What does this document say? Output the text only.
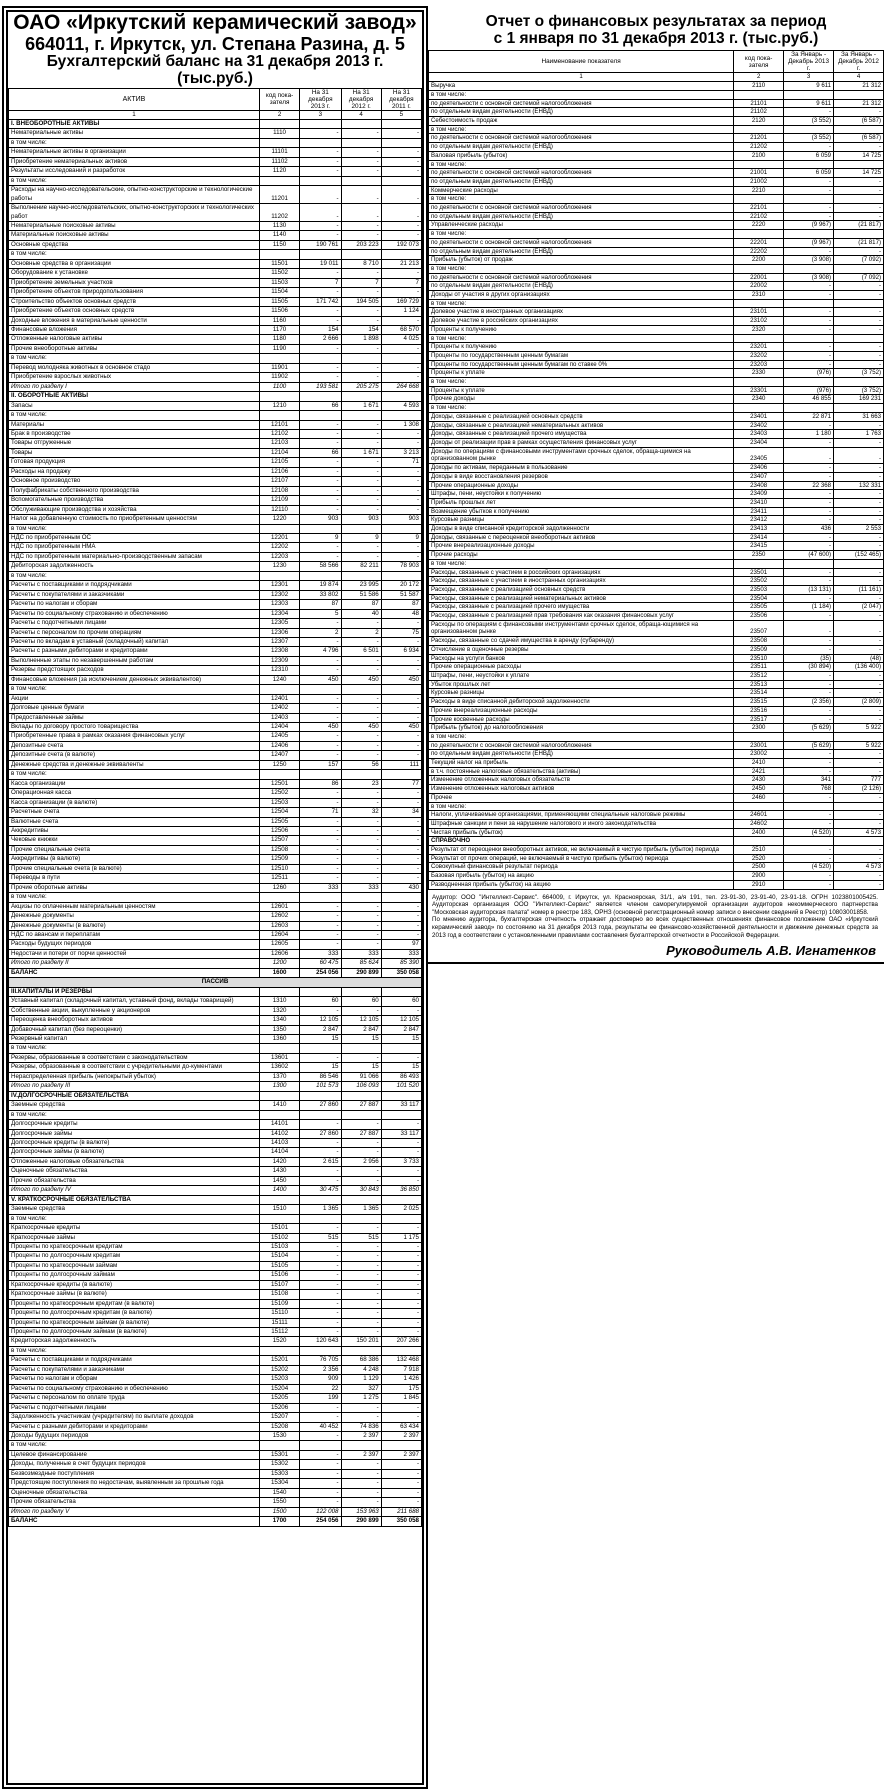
ОАО «Иркутский керамический завод»
664011, г. Иркутск, ул. Степана Разина, д. 5
Бухгалтерский баланс на 31 декабря 2013 г. (тыс.руб.)
АКТИВ	код пока-зателя	На 31 декабря 2013 г.	На 31 декабря 2012 г.	На 31 декабря 2011 г.
1	2	3	4	5
I. ВНЕОБОРОТНЫЕ АКТИВЫ				
Нематериальные активы	1110	-	-	-
в том числе:				
Нематериальные активы в организации	11101	-	-	-
Приобретение нематериальных активов	11102	-	-	-
Результаты исследований и разработок	1120	-	-	-
в том числе:				
Расходы на научно-исследовательские, опытно-конструкторские и технологические работы	11201	-	-	-
Выполнение научно-исследовательских, опытно-конструкторских и технологических работ	11202	-	-	-
Нематериальные поисковые активы	1130	-	-	-
Материальные поисковые активы	1140	-	-	-
Основные средства	1150	190 761	203 223	192 073
в том числе:				
Основные средства в организации	11501	19 011	8 710	21 213
Оборудование к установке	11502	-	-	-
Приобретение земельных участков	11503	7	7	7
Приобретение объектов природопользования	11504	-	-	-
Строительство объектов основных средств	11505	171 742	194 505	169 729
Приобретение объектов основных средств	11506	-	-	1 124
Доходные вложения в материальные ценности	1160	-	-	-
Финансовые вложения	1170	154	154	68 570
Отложенные налоговые активы	1180	2 666	1 898	4 025
Прочие внеоборотные активы	1190	-	-	-
в том числе:				
Перевод молодняка животных в основное стадо	11901	-	-	-
Приобретение взрослых животных	11902	-	-	-
Итого по разделу I	1100	193 581	205 275	264 668
II. ОБОРОТНЫЕ АКТИВЫ				
Запасы	1210	66	1 671	4 593
в том числе:				
Материалы	12101	-	-	1 308
Брак в производстве	12102	-	-	-
Товары отгруженные	12103	-	-	-
Товары	12104	66	1 671	3 213
Готовая продукция	12105	-	-	71
Расходы на продажу	12106	-	-	-
Основное производство	12107	-	-	-
Полуфабрикаты собственного производства	12108	-	-	-
Вспомогательные производства	12109	-	-	-
Обслуживающие производства и хозяйства	12110	-	-	-
Налог на добавленную стоимость по приобретенным ценностям	1220	903	903	903
в том числе:				
НДС по приобретенным ОС	12201	9	9	9
НДС по приобретенным НМА	12202	-	-	-
НДС по приобретенным материально-производственным запасам	12203	-	-	-
Дебиторская задолженность	1230	58 566	82 211	78 903
в том числе:				
Расчеты с поставщиками и подрядчиками	12301	19 874	23 995	20 172
Расчеты с покупателями и заказчиками	12302	33 802	51 586	51 587
Расчеты по налогам и сборам	12303	87	87	87
Расчеты по социальному страхованию и обеспечению	12304	5	40	48
Расчеты с подотчетными лицами	12305	-	-	-
Расчеты с персоналом по прочим операциям	12306	2	2	75
Расчеты по вкладам в уставный (складочный) капитал	12307	-	-	-
Расчеты с разными дебиторами и кредиторами	12308	4 796	6 501	6 934
Выполненные этапы по незавершенным работам	12309	-	-	-
Резервы предстоящих расходов	12310	-	-	-
Финансовые вложения (за исключением денежных эквивалентов)	1240	450	450	450
в том числе:				
Акции	12401	-	-	-
Долговые ценные бумаги	12402	-	-	-
Предоставленные займы	12403	-	-	-
Вклады по договору простого товарищества	12404	450	450	450
Приобретенные права в рамках оказания финансовых услуг	12405	-	-	-
Депозитные счета	12406	-	-	-
Депозитные счета (в валюте)	12407	-	-	-
Денежные средства и денежные эквиваленты	1250	157	56	111
в том числе:				
Касса организации	12501	86	23	77
Операционная касса	12502	-	-	-
Касса организации (в валюте)	12503	-	-	-
Расчетные счета	12504	71	32	34
Валютные счета	12505	-	-	-
Аккредитивы	12506	-	-	-
Чековые книжки	12507	-	-	-
Прочие специальные счета	12508	-	-	-
Аккредитивы (в валюте)	12509	-	-	-
Прочие специальные счета (в валюте)	12510	-	-	-
Переводы в пути	12511	-	-	-
Прочие оборотные активы	1260	333	333	430
в том числе:				
Акцизы по оплаченным материальным ценностям	12601	-	-	-
Денежные документы	12602	-	-	-
Денежные документы (в валюте)	12603	-	-	-
НДС по авансам и переплатам	12604	-	-	-
Расходы будущих периодов	12605	-	-	97
Недостачи и потери от порчи ценностей	12606	333	333	333
Итого по разделу II	1200	60 475	85 624	85 390
БАЛАНС	1600	254 056	290 899	350 058
ПАССИВ				
III.КАПИТАЛЫ И РЕЗЕРВЫ				
Уставный капитал (складочный капитал, уставный фонд, вклады товарищей)	1310	60	60	60
Собственные акции, выкупленные у акционеров	1320	-	-	-
Переоценка внеоборотных активов	1340	12 105	12 105	12 105
Добавочный капитал (без переоценки)	1350	2 847	2 847	2 847
Резервный капитал	1360	15	15	15
в том числе:				
Резервы, образованные в соответствии с законодательством	13601	-	-	-
Резервы, образованные в соответствии с учредительными до-кументами	13602	15	15	15
Нераспределенная прибыль (непокрытый убыток)	1370	86 546	91 066	86 493
Итого по разделу III	1300	101 573	106 093	101 520
IV.ДОЛГОСРОЧНЫЕ ОБЯЗАТЕЛЬСТВА				
Заемные средства	1410	27 860	27 887	33 117
в том числе:				
Долгосрочные кредиты	14101	-	-	-
Долгосрочные займы	14102	27 860	27 887	33 117
Долгосрочные кредиты (в валюте)	14103	-	-	-
Долгосрочные займы (в валюте)	14104	-	-	-
Отложенные налоговые обязательства	1420	2 615	2 956	3 733
Оценочные обязательства	1430	-	-	-
Прочие обязательства	1450	-	-	-
Итого по разделу IV	1400	30 475	30 843	36 850
V. КРАТКОСРОЧНЫЕ ОБЯЗАТЕЛЬСТВА				
Заемные средства	1510	1 365	1 365	2 025
в том числе:				
Краткосрочные кредиты	15101	-	-	-
Краткосрочные займы	15102	515	515	1 175
Проценты по краткосрочным кредитам	15103	-	-	-
Проценты по долгосрочным кредитам	15104	-	-	-
Проценты по краткосрочным займам	15105	-	-	-
Проценты по долгосрочным займам	15106	-	-	-
Краткосрочные кредиты (в валюте)	15107	-	-	-
Краткосрочные займы (в валюте)	15108	-	-	-
Проценты по краткосрочным кредитам (в валюте)	15109	-	-	-
Проценты по долгосрочным кредитам (в валюте)	15110	-	-	-
Проценты по краткосрочным займам (в валюте)	15111	-	-	-
Проценты по долгосрочным займам (в валюте)	15112	-	-	-
Кредиторская задолженность	1520	120 643	150 201	207 266
в том числе:				
Расчеты с поставщиками и подрядчиками	15201	76 705	68 386	132 468
Расчеты с покупателями и заказчиками	15202	2 356	4 248	7 918
Расчеты по налогам и сборам	15203	909	1 129	1 426
Расчеты по социальному страхованию и обеспечению	15204	22	327	175
Расчеты с персоналом по оплате труда	15205	199	1 275	1 845
Расчеты с подотчетными лицами	15206	-	-	-
Задолженность участникам (учредителям) по выплате доходов	15207	-	-	-
Расчеты с разными дебиторами и кредиторами	15208	40 452	74 836	63 434
Доходы будущих периодов	1530	-	2 397	2 397
в том числе:				
Целевое финансирование	15301	-	2 397	2 397
Доходы, полученные в счет будущих периодов	15302	-	-	-
Безвозмездные поступления	15303	-	-	-
Предстоящие поступления по недостачам, выявленным за прошлые года	15304	-	-	-
Оценочные обязательства	1540	-	-	-
Прочие обязательства	1550	-	-	-
Итого по разделу V	1500	122 008	153 963	211 688
БАЛАНС	1700	254 056	290 899	350 058
Отчет о финансовых результатах за период
с 1 января по 31 декабря 2013 г. (тыс.руб.)
Наименование показателя	код пока-зателя	За Январь - Декабрь 2013 г.	За Январь - Декабрь 2012 г.
1	2	3	4
Выручка	2110	9 611	21 312
в том числе:			
по деятельности с основной системой налогообложения	21101	9 611	21 312
по отдельным видам деятельности (ЕНВД)	21102	-	-
Себестоимость продаж	2120	(3 552)	(6 587)
в том числе:			
по деятельности с основной системой налогообложения	21201	(3 552)	(6 587)
по отдельным видам деятельности (ЕНВД)	21202	-	-
Валовая прибыль (убыток)	2100	6 059	14 725
в том числе:			
по деятельности с основной системой налогообложения	21001	6 059	14 725
по отдельным видам деятельности (ЕНВД)	21002	-	-
Коммерческие расходы	2210	-	-
в том числе:			
по деятельности с основной системой налогообложения	22101	-	-
по отдельным видам деятельности (ЕНВД)	22102	-	-
Управленческие расходы	2220	(9 967)	(21 817)
в том числе:			
по деятельности с основной системой налогообложения	22201	(9 967)	(21 817)
по отдельным видам деятельности (ЕНВД)	22202	-	-
Прибыль (убыток) от продаж	2200	(3 908)	(7 092)
в том числе:			
по деятельности с основной системой налогообложения	22001	(3 908)	(7 092)
по отдельным видам деятельности (ЕНВД)	22002	-	-
Доходы от участия в других организациях	2310	-	-
в том числе:			
Долевое участие в иностранных организациях	23101	-	-
Долевое участие в российских организациях	23102	-	-
Проценты к получению	2320	-	-
в том числе:			
Проценты к получению	23201	-	-
Проценты по государственным ценным бумагам	23202	-	-
Проценты по государственным ценным бумагам по ставке 0%	23203	-	-
Проценты к уплате	2330	(976)	(3 752)
в том числе:			
Проценты к уплате	23301	(976)	(3 752)
Прочие доходы	2340	46 855	169 231
в том числе:			
Доходы, связанные с реализацией основных средств	23401	22 871	31 663
Доходы, связанные с реализацией нематериальных активов	23402	-	-
Доходы, связанные с реализацией прочего имущества	23403	1 180	1 763
Доходы от реализации прав в рамках осуществления финансовых услуг	23404	-	-
Доходы по операциям с финансовыми инструментами срочных сделок, обраща-щимися на организованном рынке	23405	-	-
Доходы по активам, переданным в пользование	23406	-	-
Доходы в виде восстановления резервов	23407	-	-
Прочие операционные доходы	23408	22 368	132 331
Штрафы, пени, неустойки к получению	23409	-	-
Прибыль прошлых лет	23410	-	-
Возмещение убытков к получению	23411	-	-
Курсовые разницы	23412	-	-
Доходы в виде списанной кредиторской задолженности	23413	436	2 553
Доходы, связанные с переоценкой внеоборотных активов	23414	-	-
Прочие внереализационные доходы	23415	-	-
Прочие расходы	2350	(47 600)	(152 465)
в том числе:			
Расходы, связанные с участием в российских организациях	23501	-	-
Расходы, связанные с участием в иностранных организациях	23502	-	-
Расходы, связанные с реализацией основных средств	23503	(13 131)	(11 161)
Расходы, связанные с реализацией нематериальных активов	23504	-	-
Расходы, связанные с реализацией прочего имущества	23505	(1 184)	(2 047)
Расходы, связанные с реализацией прав требования как оказания финансовых услуг	23506	-	-
Расходы по операциям с финансовыми инструментами срочных сделок, обраща-ющимися на организованном рынке	23507	-	-
Расходы, связанные со сдачей имущества в аренду (субаренду)	23508	-	-
Отчисление в оценочные резервы	23509	-	-
Расходы на услуги банков	23510	(35)	(48)
Прочие операционные расходы	23511	(30 894)	(136 400)
Штрафы, пени, неустойки к уплате	23512	-	-
Убыток прошлых лет	23513	-	-
Курсовые разницы	23514	-	-
Расходы в виде списанной дебиторской задолженности	23515	(2 356)	(2 809)
Прочие внереализационные расходы	23516	-	-
Прочие косвенные расходы	23517	-	-
Прибыль (убыток) до налогообложения	2300	(5 629)	5 922
в том числе:			
по деятельности с основной системой налогообложения	23001	(5 629)	5 922
по отдельным видам деятельности (ЕНВД)	23002	-	-
Текущий налог на прибыль	2410	-	-
в т.ч. постоянные налоговые обязательства (активы)	2421	-	-
Изменение отложенных налоговых обязательств	2430	341	777
Изменение отложенных налоговых активов	2450	768	(2 126)
Прочее	2460	-	-
в том числе:			
Налоги, уплачиваемые организациями, применяющими специальные налоговые режимы	24601	-	-
Штрафные санкции и пени за нарушение налогового и иного законодательства	24602	-	-
Чистая прибыль (убыток)	2400	(4 520)	4 573
СПРАВОЧНО			
Результат от переоценки внеоборотных активов, не включаемый в чистую прибыль (убыток) периода	2510	-	-
Результат от прочих операций, не включаемый в чистую прибыль (убыток) периода	2520	-	-
Совокупный финансовый результат периода	2500	(4 520)	4 573
Базовая прибыль (убыток) на акцию	2900	-	-
Разводненная прибыль (убыток) на акцию	2910	-	-
Аудитор: ООО "Интеллект-Сервис". 664009, г. Иркутск, ул. Красноярская, 31/1, а/я 191, тел. 23-91-30, 23-91-40, 23-91-18. ОГРН 1023801005425. Аудиторская организация ООО "Интеллект-Сервис" является членом саморегулируемой организации аудиторов некоммерческого партнерства "Московская аудиторская палата" номер в реестре 183, ОРНЗ (основной регистрационный номер записи о внесении сведений в Реестр) 10803001858.
По мнению аудитора, бухгалтерская отчетность отражает достоверно во всех существенных отношениях финансовое положение ОАО «Иркутский керамический завод» по состоянию на 31 декабря 2013 года, результаты ее финансово-хозяйственной деятельности и движение денежных средств за 2013 год в соответствии с установленными правилами составления бухгалтерской отчетности в Российской Федерации.
Руководитель А.В. Игнатенков
